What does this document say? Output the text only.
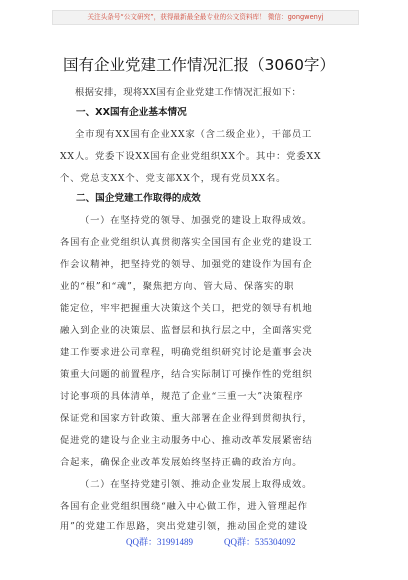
关注头条号“公文研究”，获得最新最全最专业的公文资料库！ 微信：gongwenyj
国有企业党建工作情况汇报（3060字）
根据安排，现将XX国有企业党建工作情况汇报如下：
一、XX国有企业基本情况
全市现有XX国有企业XX家（含二级企业），干部员工
XX人。党委下设XX国有企业党组织XX个。其中：党委XX
个、党总支XX个、党支部XX个，现有党员XX名。
二、国企党建工作取得的成效
（一）在坚持党的领导、加强党的建设上取得成效。
各国有企业党组织认真贯彻落实全国国有企业党的建设工
作会议精神，把坚持党的领导、加强党的建设作为国有企
业的“根”和“魂”，聚焦把方向、管大局、保落实的职
能定位，牢牢把握重大决策这个关口，把党的领导有机地
融入到企业的决策层、监督层和执行层之中，全面落实党
建工作要求进公司章程，明确党组织研究讨论是董事会决
策重大问题的前置程序，结合实际制订可操作性的党组织
讨论事项的具体清单，规范了企业“三重一大”决策程序
保证党和国家方针政策、重大部署在企业得到贯彻执行，
促进党的建设与企业主动服务中心、推动改革发展紧密结
合起来，确保企业改革发展始终坚持正确的政治方向。
（二）在坚持党建引领、推动企业发展上取得成效。
各国有企业党组织围绕“融入中心做工作，进入管理起作
用”的党建工作思路，突出党建引领，推动国企党的建设
QQ群：31991489	QQ群：535304092
